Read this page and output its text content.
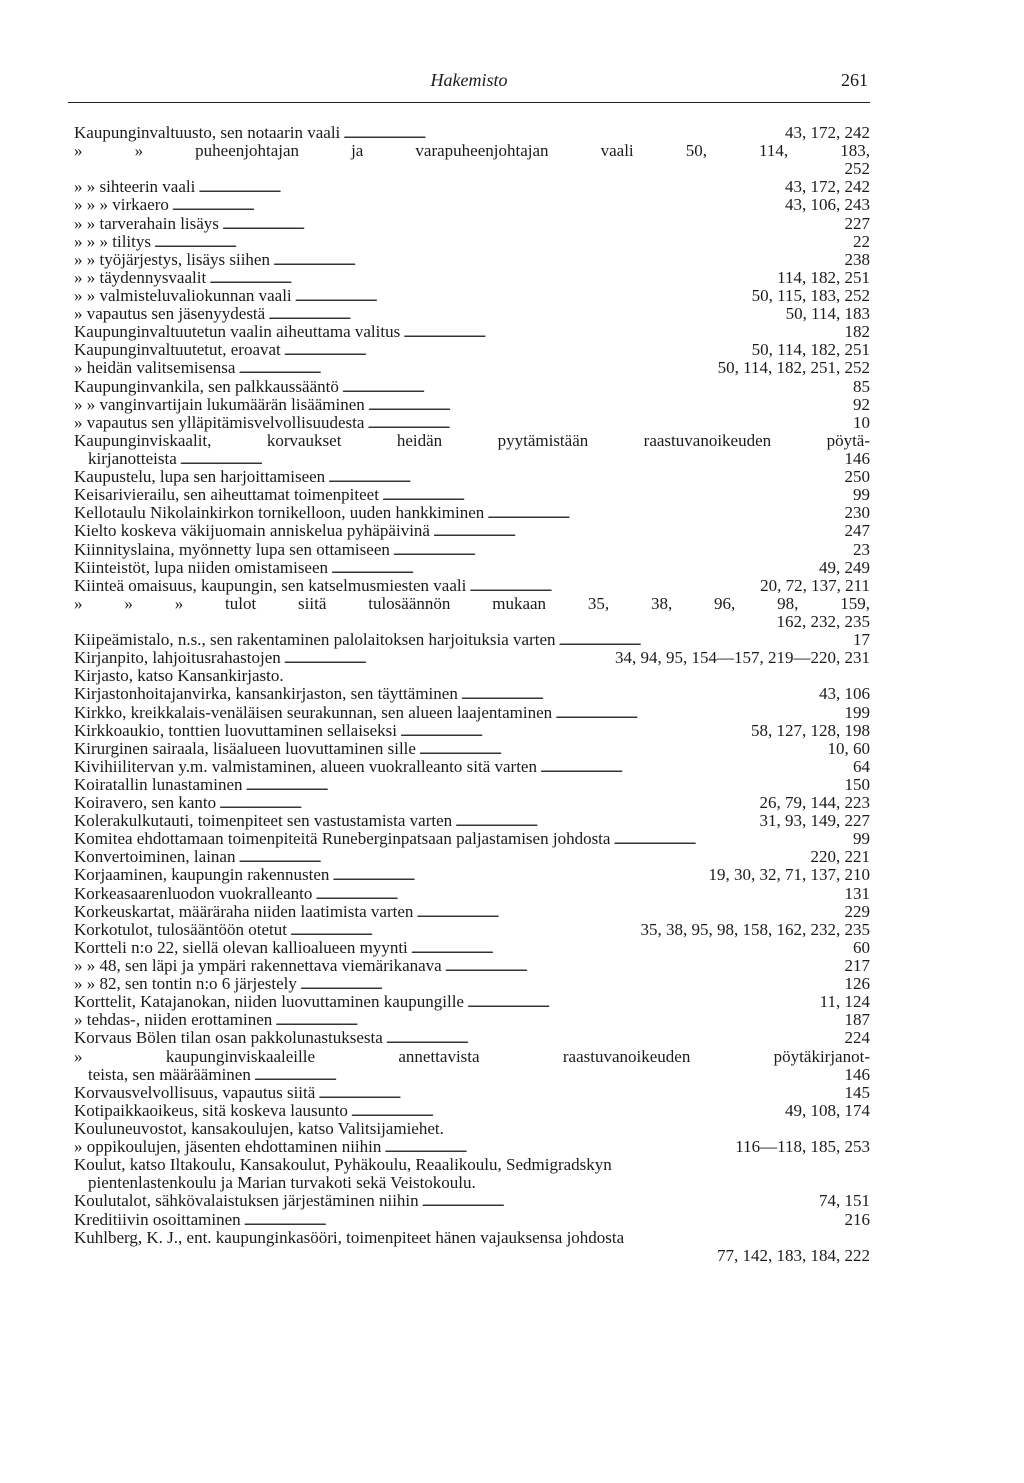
Hakemisto	261
Kaupunginvaltuusto, sen notaarin vaali . . .	43, 172, 242
» » puheenjohtajan ja varapuheenjohtajan vaali 50, 114, 183,
252
» » sihteerin vaali . . .	43, 172, 242
» » » virkaero . . .	43, 106, 243
» » tarverahain lisäys . . .	227
» » » tilitys . . .	22
» » työjärjestys, lisäys siihen . . .	238
» » täydennysvaalit . . .	114, 182, 251
» » valmisteluvaliokunnan vaali . . .	50, 115, 183, 252
» vapautus sen jäsenyydestä . . .	50, 114, 183
Kaupunginvaltuutetun vaalin aiheuttama valitus . . .	182
Kaupunginvaltuutetut, eroavat . . .	50, 114, 182, 251
» heidän valitsemisensa . . .	50, 114, 182, 251, 252
Kaupunginvankila, sen palkkaussääntö . . .	85
» » vanginvartijain lukumäärän lisääminen . . .	92
» vapautus sen ylläpitämisvelvollisuudesta . . .	10
Kaupunginviskaalit, korvaukset heidän pyytämistään raastuvanoikeuden pöytä-
kirjanotteista . . .	146
Kaupustelu, lupa sen harjoittamiseen . . .	250
Keisarivierailu, sen aiheuttamat toimenpiteet . . .	99
Kellotaulu Nikolainkirkon tornikelloon, uuden hankkiminen . . .	230
Kielto koskeva väkijuomain anniskelua pyhäpäivinä . . .	247
Kiinnityslaina, myönnetty lupa sen ottamiseen . . .	23
Kiinteistöt, lupa niiden omistamiseen . . .	49, 249
Kiinteä omaisuus, kaupungin, sen katselmusmiesten vaali . . .	20, 72, 137, 211
» » » tulot siitä tulosäännön mukaan 35, 38, 96, 98, 159,
162, 232, 235
Kiipeämistalo, n.s., sen rakentaminen palolaitoksen harjoituksia varten . . .	17
Kirjanpito, lahjoitusrahastojen . . .	34, 94, 95, 154—157, 219—220, 231
Kirjasto, katso Kansankirjasto.
Kirjastonhoitajanvirka, kansankirjaston, sen täyttäminen . . .	43, 106
Kirkko, kreikkalais-venäläisen seurakunnan, sen alueen laajentaminen . . .	199
Kirkkoaukio, tonttien luovuttaminen sellaiseksi . . .	58, 127, 128, 198
Kirurginen sairaala, lisäalueen luovuttaminen sille . . .	10, 60
Kivihiilitervan y.m. valmistaminen, alueen vuokralleanto sitä varten . . .	64
Koiratallin lunastaminen . . .	150
Koiravero, sen kanto . . .	26, 79, 144, 223
Kolerakulkutauti, toimenpiteet sen vastustamista varten . . .	31, 93, 149, 227
Komitea ehdottamaan toimenpiteitä Runeberginpatsaan paljastamisen johdosta . . .	99
Konvertoiminen, lainan . . .	220, 221
Korjaaminen, kaupungin rakennusten . . .	19, 30, 32, 71, 137, 210
Korkeasaarenluodon vuokralleanto . . .	131
Korkeuskartat, määräraha niiden laatimista varten . . .	229
Korkotulot, tulosääntöön otetut . . .	35, 38, 95, 98, 158, 162, 232, 235
Kortteli n:o 22, siellä olevan kallioalueen myynti . . .	60
» » 48, sen läpi ja ympäri rakennettava viemärikanava . . .	217
» » 82, sen tontin n:o 6 järjestely . . .	126
Korttelit, Katajanokan, niiden luovuttaminen kaupungille . . .	11, 124
» tehdas-, niiden erottaminen . . .	187
Korvaus Bölen tilan osan pakkolunastuksesta . . .	224
» kaupunginviskaaleille annettavista raastuvanoikeuden pöytäkirjanot-
teista, sen määrääminen . . .	146
Korvausvelvollisuus, vapautus siitä . . .	145
Kotipaikkaoikeus, sitä koskeva lausunto . . .	49, 108, 174
Kouluneuvostot, kansakoulujen, katso Valitsijamiehet.
» oppikoulujen, jäsenten ehdottaminen niihin . . .	116—118, 185, 253
Koulut, katso Iltakoulu, Kansakoulut, Pyhäkoulu, Reaalikoulu, Sedmigradskyn
pientenlastenkoulu ja Marian turvakoti sekä Veistokoulu.
Koulutalot, sähkövalaistuksen järjestäminen niihin . . .	74, 151
Kreditiivin osoittaminen . . .	216
Kuhlberg, K. J., ent. kaupunginkasööri, toimenpiteet hänen vajauksensa johdosta
77, 142, 183, 184, 222
